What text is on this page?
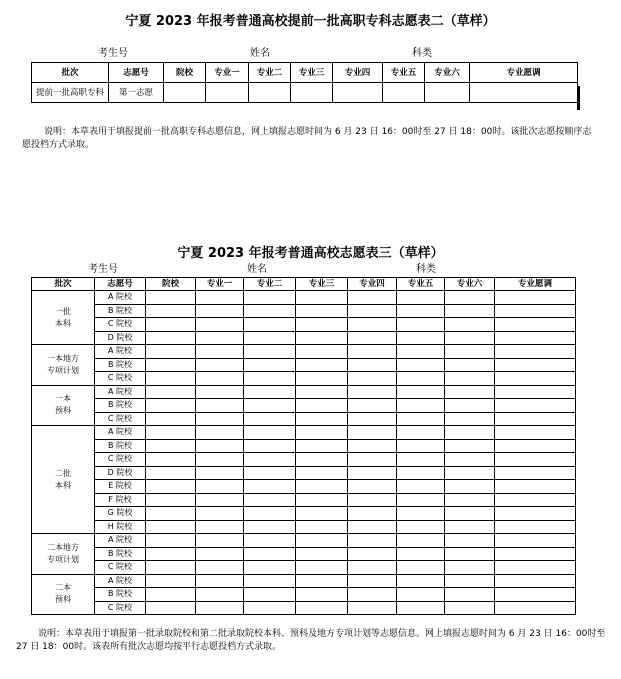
宁夏 2023 年报考普通高校提前一批高职专科志愿表二（草样）
考生号	姓名	科类
批次	志愿号	院校	专业一	专业二	专业三	专业四	专业五	专业六	专业愿调
提前一批高职专科	第一志愿								
说明：本草表用于填报提前一批高职专科志愿信息，网上填报志愿时间为 6 月 23 日 16：00时至 27 日 18：00时。该批次志愿按顺序志愿投档方式录取。
宁夏 2023 年报考普通高校志愿表三（草样）
考生号	姓名	科类
批次	志愿号	院校	专业一	专业二	专业三	专业四	专业五	专业六	专业愿调
一批
本科	A 院校								
	B 院校								
	C 院校								
	D 院校								
一本地方
专项计划	A 院校								
	B 院校								
	C 院校								
一本
预科	A 院校								
	B 院校								
	C 院校								
二批
本科	A 院校								
	B 院校								
	C 院校								
	D 院校								
	E 院校								
	F 院校								
	G 院校								
	H 院校								
二本地方
专项计划	A 院校								
	B 院校								
	C 院校								
二本
预科	A 院校								
	B 院校								
	C 院校								
说明：本草表用于填报第一批录取院校和第二批录取院校本科、预科及地方专项计划等志愿信息。网上填报志愿时间为 6 月 23 日 16：00时至 27 日 18：00时。该表所有批次志愿均按平行志愿投档方式录取。
